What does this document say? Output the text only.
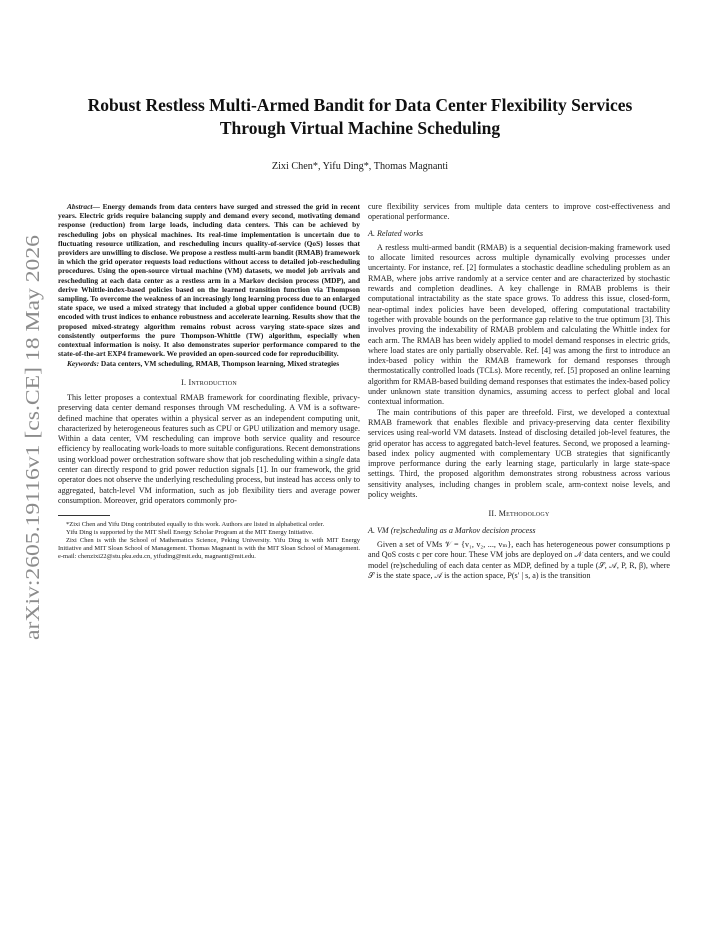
arXiv:2605.19116v1 [cs.CE] 18 May 2026
Robust Restless Multi-Armed Bandit for Data Center Flexibility Services
Through Virtual Machine Scheduling
Zixi Chen*, Yifu Ding*, Thomas Magnanti

Abstract— Energy demands from data centers have surged and stressed the grid in recent years. Electric grids require balancing supply and demand every second, motivating demand response (reduction) from large loads, including data centers. This can be achieved by rescheduling jobs on physical machines. Its real-time implementation is uncertain due to fluctuating resource utilization, and rescheduling incurs quality-of-service (QoS) losses that providers are unwilling to disclose. We propose a restless multi-arm bandit (RMAB) framework in which the grid operator requests load reductions without access to detailed job-rescheduling procedures. Using the open-source virtual machine (VM) datasets, we model job arrivals and rescheduling at each data center as a restless arm in a Markov decision process (MDP), and derive Whittle-index-based policies based on the learned transition function via Thompson sampling. To overcome the weakness of an increasingly long learning process due to an enlarged state space, we used a mixed strategy that included a global upper confidence bound (UCB) encoded with trust indices to enhance robustness and accelerate learning. Results show that the proposed mixed-strategy algorithm remains robust across varying state-space sizes and consistently outperforms the pure Thompson-Whittle (TW) algorithm, especially when contextual information is noisy. It also demonstrates superior performance compared to the state-of-the-art EXP4 framework. We provided an open-sourced code for reproducibility.

Keywords: Data centers, VM scheduling, RMAB, Thompson learning, Mixed strategies

I. Introduction

This letter proposes a contextual RMAB framework for coordinating flexible, privacy-preserving data center demand responses through VM rescheduling. A VM is a software-defined machine that operates within a physical server as an independent computing unit, characterized by heterogeneous features such as CPU or GPU utilization and memory usage. Within a data center, VM rescheduling can improve both service quality and resource efficiency by reallocating work-loads to more suitable configurations. Recent demonstrations using workload power orchestration software show that job rescheduling within a single data center can directly respond to grid power reduction signals [1]. In our framework, the grid operator does not observe the underlying rescheduling process, but instead has access only to aggregated, batch-level VM information, such as job flexibility tiers and average power consumption. Moreover, grid operators commonly pro-

*Zixi Chen and Yifu Ding contributed equally to this work. Authors are listed in alphabetical order.

Yifu Ding is supported by the MIT Shell Energy Scholar Program at the MIT Energy Initiative.

Zixi Chen is with the School of Mathematics Science, Peking University. Yifu Ding is with MIT Energy Initiative and MIT Sloan School of Management. Thomas Magnanti is with the MIT Sloan School of Management. e-mail: chenzixi22@stu.pku.edu.cn, yifuding@mit.edu, magnanti@mit.edu.

cure flexibility services from multiple data centers to improve cost-effectiveness and operational performance.

A. Related works

A restless multi-armed bandit (RMAB) is a sequential decision-making framework used to allocate limited resources across multiple dynamically evolving processes under uncertainty. For instance, ref. [2] formulates a stochastic deadline scheduling problem as an RMAB, where jobs arrive randomly at a service center and are characterized by stochastic rewards and completion deadlines. A key challenge in RMAB problems is their computational intractability as the state space grows. To address this issue, closed-form, near-optimal index policies have been developed, offering computational tractability together with provable bounds on the performance gap relative to the true optimum [3]. This involves proving the indexability of RMAB problem and calculating the Whittle index for each arm. The RMAB has been widely applied to model demand responses in electric grids, where load states are only partially observable. Ref. [4] was among the first to introduce an index-based policy within the RMAB framework for demand responses through thermostatically controlled loads (TCLs). More recently, ref. [5] proposed an online learning algorithm for RMAB-based building demand responses that estimates the index-based policy under unknown state transition dynamics, assuming access to perfect global and local contextual information.

The main contributions of this paper are threefold. First, we developed a contextual RMAB framework that enables flexible and privacy-preserving data center flexibility services using real-world VM datasets. Instead of disclosing detailed job-level features, the grid operator has access to aggregated batch-level features. Second, we proposed a learning-based index policy augmented with complementary UCB strategies that significantly improve performance during the early learning stage, particularly in large state-space settings. Third, the proposed algorithm demonstrates strong robustness across various sensitivity analyses, including changes in problem scale, arm-context noise levels, and policy weights.

II. Methodology
A. VM (re)scheduling as a Markov decision process

Given a set of VMs 𝒱 = {v₁, v₂, ..., vₘ}, each has heterogeneous power consumptions p and QoS costs c per core hour. These VM jobs are deployed on 𝒩 data centers, and we could model (re)scheduling of each data center as MDP, defined by a tuple (𝒮, 𝒜, P, R, β), where 𝒮 is the state space, 𝒜 is the action space, P(s′ | s, a) is the transition
